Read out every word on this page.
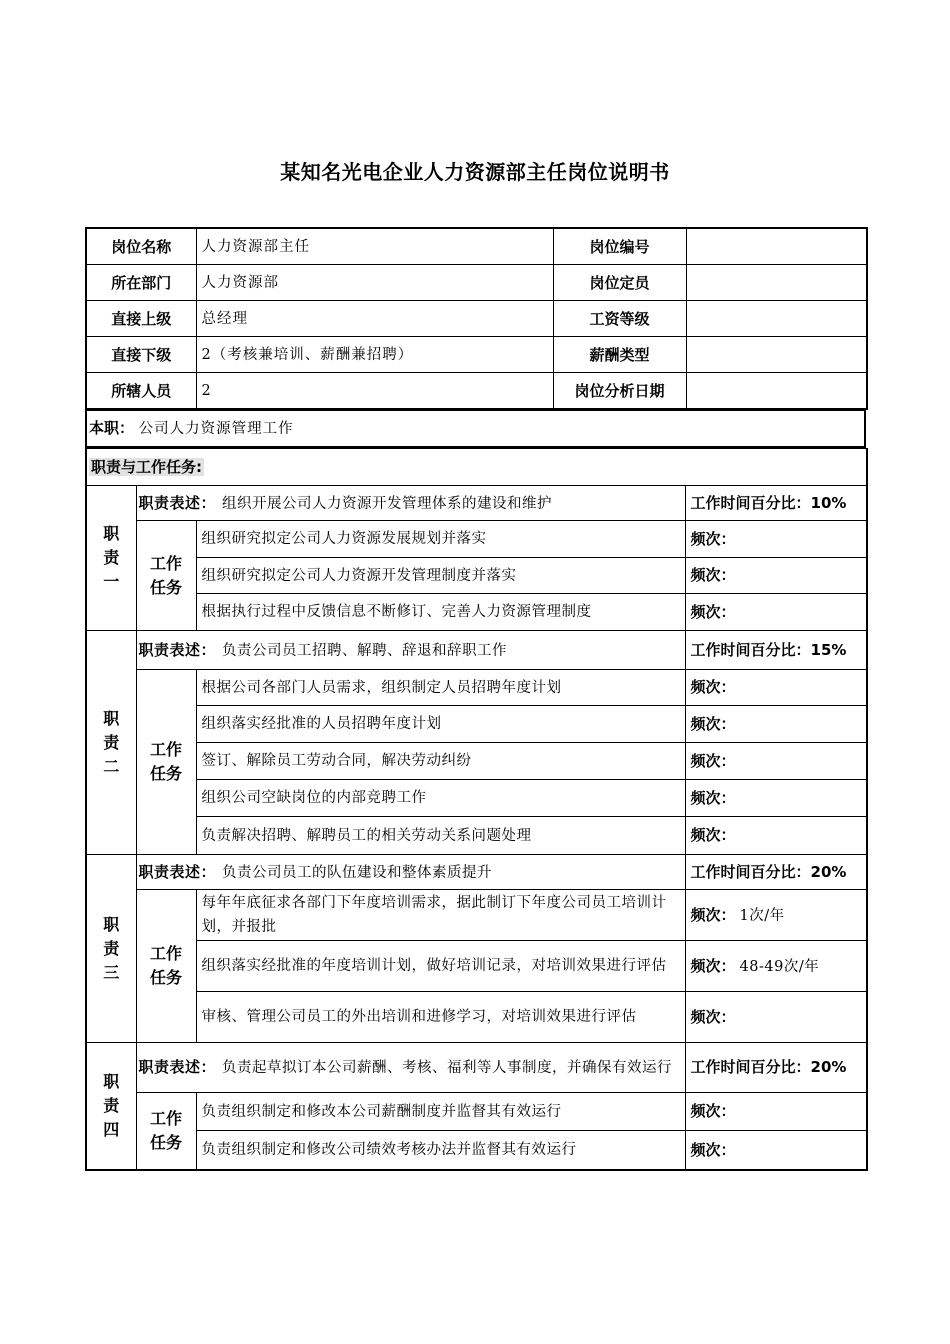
某知名光电企业人力资源部主任岗位说明书
岗位名称	人力资源部主任	岗位编号	
所在部门	人力资源部	岗位定员	
直接上级	总经理	工资等级	
直接下级	2（考核兼培训、薪酬兼招聘）	薪酬类型	
所辖人员	2	岗位分析日期	
本职： 公司人力资源管理工作
职责与工作任务:			

职
责
一	职责表述： 组织开展公司人力资源开发管理体系的建设和维护		工作时间百分比：10%

	工作
任务	组织研究拟定公司人力资源发展规划并落实	频次：
		组织研究拟定公司人力资源开发管理制度并落实	频次：
		根据执行过程中反馈信息不断修订、完善人力资源管理制度	频次：

职
责
二	职责表述： 负责公司员工招聘、解聘、辞退和辞职工作		工作时间百分比：15%

	工作
任务	根据公司各部门人员需求，组织制定人员招聘年度计划	频次：
		组织落实经批准的人员招聘年度计划	频次：
		签订、解除员工劳动合同，解决劳动纠纷	频次：
		组织公司空缺岗位的内部竞聘工作	频次：
		负责解决招聘、解聘员工的相关劳动关系问题处理	频次：

职
责
三	职责表述： 负责公司员工的队伍建设和整体素质提升		工作时间百分比：20%

	工作
任务	每年年底征求各部门下年度培训需求，据此制订下年度公司员工培训计划，并报批	频次： 1次/年
		组织落实经批准的年度培训计划，做好培训记录，对培训效果进行评估	频次： 48-49次/年
		审核、管理公司员工的外出培训和进修学习，对培训效果进行评估	频次：

职
责
四	职责表述： 负责起草拟订本公司薪酬、考核、福利等人事制度，并确保有效运行		工作时间百分比：20%

	工作
任务	负责组织制定和修改本公司薪酬制度并监督其有效运行	频次：
		负责组织制定和修改公司绩效考核办法并监督其有效运行	频次：
